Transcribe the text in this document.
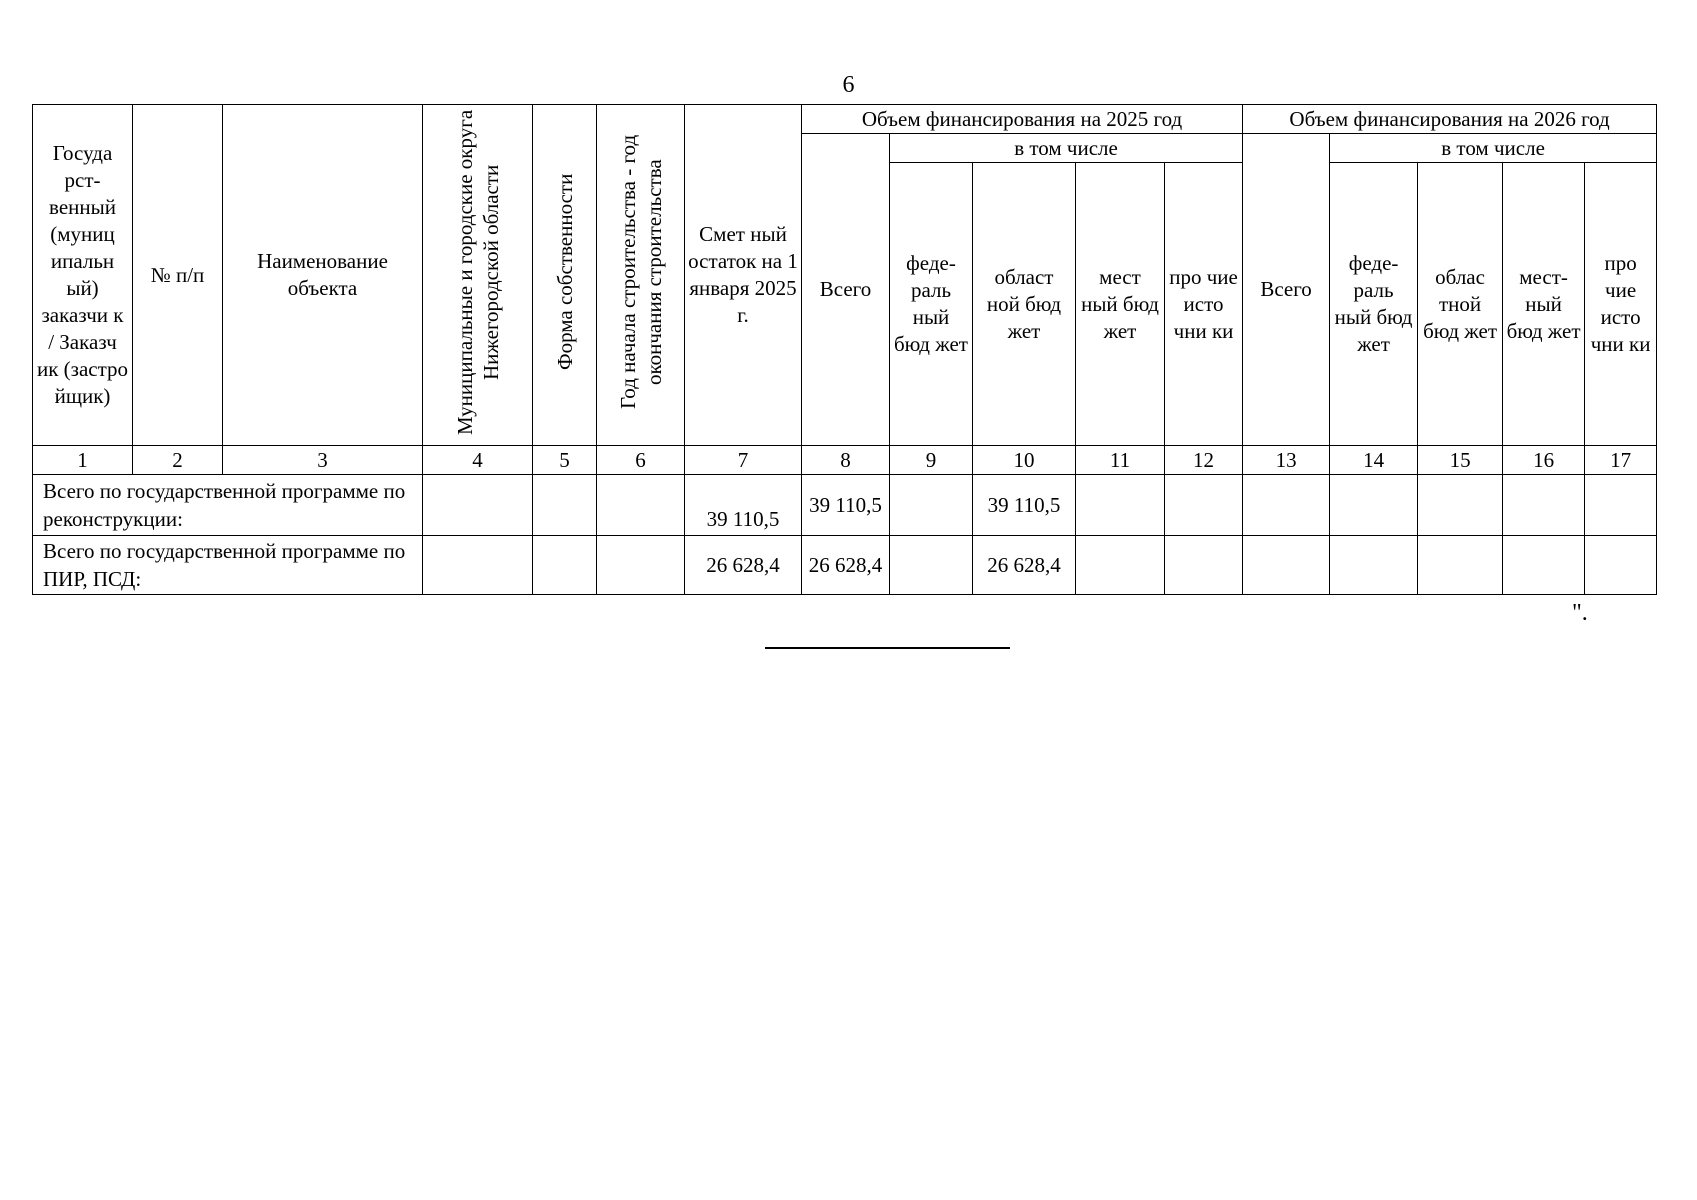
6
Госуда рст-венный (муниц ипальн ый) заказчи к / Заказч ик (застро йщик)	№ п/п	Наименование объекта	Муниципальные и городские округа Нижегородской области	Форма собственности	Год начала строительства - год окончания строительства	Смет ный остаток на 1 января 2025 г.	Объем финансирования на 2025 год					Объем финансирования на 2026 год				
							Всего	в том числе				Всего	в том числе			
								феде-раль ный бюд жет	област ной бюд жет	мест ный бюд жет	про чие исто чни ки		феде-раль ный бюд жет	облас тной бюд жет	мест-ный бюд жет	про чие исто чни ки
1	2	3	4	5	6	7	8	9	10	11	12	13	14	15	16	17
Всего по государственной программе по реконструкции:						39 110,5	39 110,5		39 110,5							
Всего по государственной программе по ПИР, ПСД:						26 628,4	26 628,4		26 628,4							
".
